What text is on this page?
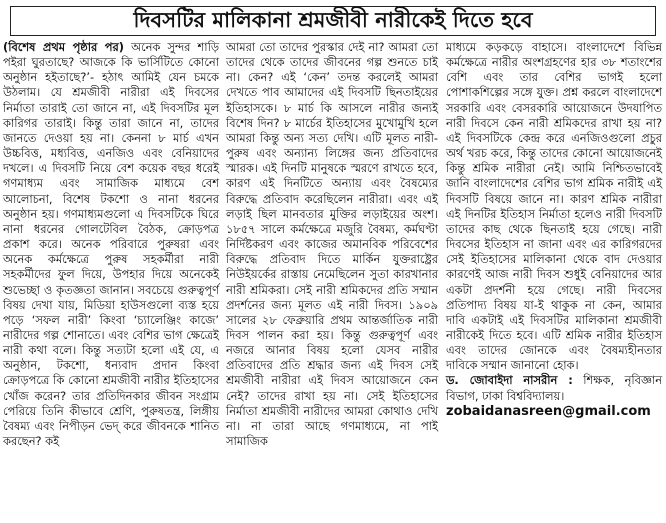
দিবসটির মালিকানা শ্রমজীবী নারীকেই দিতে হবে

(বিশেষ প্রথম পৃষ্ঠার পর) অনেক সুন্দর শাড়ি পইরা ঘুরতাছে? আজকে কি ভার্সিটিতে কোনো অনুষ্ঠান হইতাছে?’- হঠাৎ আমিই যেন চমকে উঠলাম। যে শ্রমজীবী নারীরা এই দিবসের নির্মাতা তারাই তো জানে না, এই দিবসটির মূল কারিগর তারাই। কিন্তু তারা জানে না, তাদের জানতে দেওয়া হয় না। কেননা ৮ মার্চ এখন উচ্চবিত্ত, মধ্যবিত্ত, এনজিও এবং বেনিয়াদের দখলে। এ দিবসটি নিয়ে বেশ কয়েক বছর ধরেই গণমাধ্যম এবং সামাজিক মাধ্যমে বেশ আলোচনা, বিশেষ টকশো ও নানা ধরনের অনুষ্ঠান হয়। গণমাধ্যমগুলো এ দিবসটিকে ঘিরে নানা ধরনের গোলটেবিল বৈঠক, ক্রোড়পত্র প্রকাশ করে। অনেক পরিবারে পুরুষরা এবং অনেক কর্মক্ষেত্রে পুরুষ সহকর্মীরা নারী সহকর্মীদের ফুল দিয়ে, উপহার দিয়ে অনেকেই শুভেচ্ছা ও কৃতজ্ঞতা জানান। সবচেয়ে গুরুত্বপূর্ণ বিষয় দেখা যায়, মিডিয়া হাউসগুলো ব্যস্ত হয়ে পড়ে ‘সফল নারী’ কিংবা ‘চ্যালেঞ্জিং কাজে’ নারীদের গল্প শোনাতে। এবং বেশির ভাগ ক্ষেত্রেই নারী কথা বলে। কিন্তু সত্যটা হলো এই যে, এ অনুষ্ঠান, টকশো, ধন্যবাদ প্রদান কিংবা ক্রোড়পত্রে কি কোনো শ্রমজীবী নারীর ইতিহাসের খোঁজ করেন? তার প্রতিদিনকার জীবন সংগ্রাম পেরিয়ে তিনি কীভাবে শ্রেণি, পুরুষতন্ত্র, লিঙ্গীয় বৈষম্য এবং নিপীড়ন ভেদ্ করে জীবনকে শানিত করছেন? কই

আমরা তো তাদের পুরস্কার দেই না? আমরা তো তাদের থেকে তাদের জীবনের গল্প শুনতে চাই না। কেন? এই ‘কেন’ তদন্ত করলেই আমরা দেখতে পাব আমাদের এই দিবসটি ছিনতাইয়ের ইতিহাসকে। ৮ মার্চ কি আসলে নারীর জন্যই বিশেষ দিন? ৮ মার্চের ইতিহাসের মুখোমুখি হলে আমরা কিন্তু অন্য সত্য দেখি। এটি মূলত নারী-পুরুষ এবং অন্যান্য লিঙ্গের জন্য প্রতিবাদের স্মারক। এই দিনটি মানুষকে স্মরণে রাখতে হবে, কারণ এই দিনটিতে অন্যায় এবং বৈষম্যের বিরুদ্ধে প্রতিবাদ করেছিলেন নারীরা। এবং এই লড়াই ছিল মানবতার মুক্তির লড়াইয়ের অংশ।১৮৫৭ সালে কর্মক্ষেত্রে মজুরি বৈষম্য, কর্মঘণ্টা নির্দিষ্টকরণ এবং কাজের অমানবিক পরিবেশের বিরুদ্ধে প্রতিবাদ দিতে মার্কিন যুক্তরাষ্ট্রের নিউইয়র্কের রাস্তায় নেমেছিলেন সুতা কারখানার নারী শ্রমিকরা। সেই নারী শ্রমিকদের প্রতি সম্মান প্রদর্শনের জন্য মূলত এই নারী দিবস। ১৯০৯ সালের ২৮ ফেব্রুয়ারি প্রথম আন্তর্জাতিক নারী দিবস পালন করা হয়। কিন্তু গুরুত্বপূর্ণ এবং নজরে আনার বিষয় হলো যেসব নারীর প্রতিবাদের প্রতি শ্রদ্ধার জন্য এই দিবস সেই শ্রমজীবী নারীরা এই দিবস আয়োজনে কেন নেই? তাদের রাখা হয় না। সেই ইতিহাসের নির্মাতা শ্রমজীবী নারীদের আমরা কোথাও দেখি না। না তারা আছে গণমাধ্যমে, না পাই সামাজিক

মাধ্যমে কড়কড়ে বাহাসে। বাংলাদেশে বিভিন্ন কর্মক্ষেত্রে নারীর অংশগ্রহণের হার ৩৮ শতাংশের বেশি এবং তার বেশির ভাগই হলো পোশাকশিল্পের সঙ্গে যুক্ত। প্রশ্ন করলে বাংলাদেশে সরকারি এবং বেসরকারি আয়োজনে উদযাপিত নারী দিবসে কেন নারী শ্রমিকদের রাখা হয় না? এই দিবসটিকে কেন্দ্র করে এনজিওগুলো প্রচুর অর্থ খরচ করে, কিন্তু তাদের কোনো আয়োজনেই কিন্তু শ্রমিক নারীরা নেই। আমি নিশ্চিতভাবেই জানি বাংলাদেশের বেশির ভাগ শ্রমিক নারীই এই দিবসটি বিষয়ে জানে না। কারণ শ্রমিক নারীরা এই দিনটির ইতিহাস নির্মাতা হলেও নারী দিবসটি তাদের কাছ থেকে ছিনতাই হয়ে গেছে। নারী দিবসের ইতিহাস না জানা এবং এর কারিগরদের সেই ইতিহাসের মালিকানা থেকে বাদ দেওয়ার কারণেই আজ নারী দিবস শুধুই বেনিয়াদের আর একটা প্রদর্শনী হয়ে গেছে। নারী দিবসের প্রতিপাদ্য বিষয় যা-ই থাকুক না কেন, আমার দাবি একটাই এই দিবসটির মালিকানা শ্রমজীবী নারীকেই দিতে হবে। এটি শ্রমিক নারীর ইতিহাস এবং তাদের জোনকে এবং বৈষম্যহীনতার দাবিকে সম্মান জানানো হোক।

ড. জোবাইদা নাসরীন : শিক্ষক, নৃবিজ্ঞান বিভাগ, ঢাকা বিশ্ববিদ্যালয়।

zobaidanasreen@gmail.com
